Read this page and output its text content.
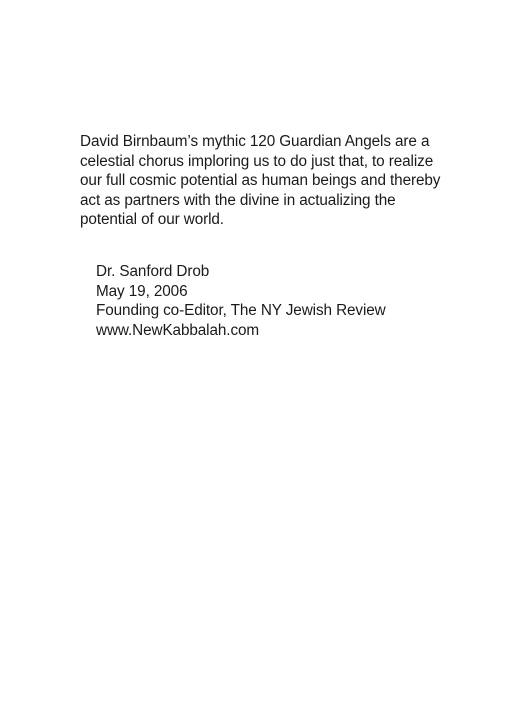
David Birnbaum’s mythic 120 Guardian Angels are a
celestial chorus imploring us to do just that, to realize
our full cosmic potential as human beings and thereby
act as partners with the divine in actualizing the
potential of our world.
Dr. Sanford Drob
May 19, 2006
Founding co-Editor, The NY Jewish Review
www.NewKabbalah.com
